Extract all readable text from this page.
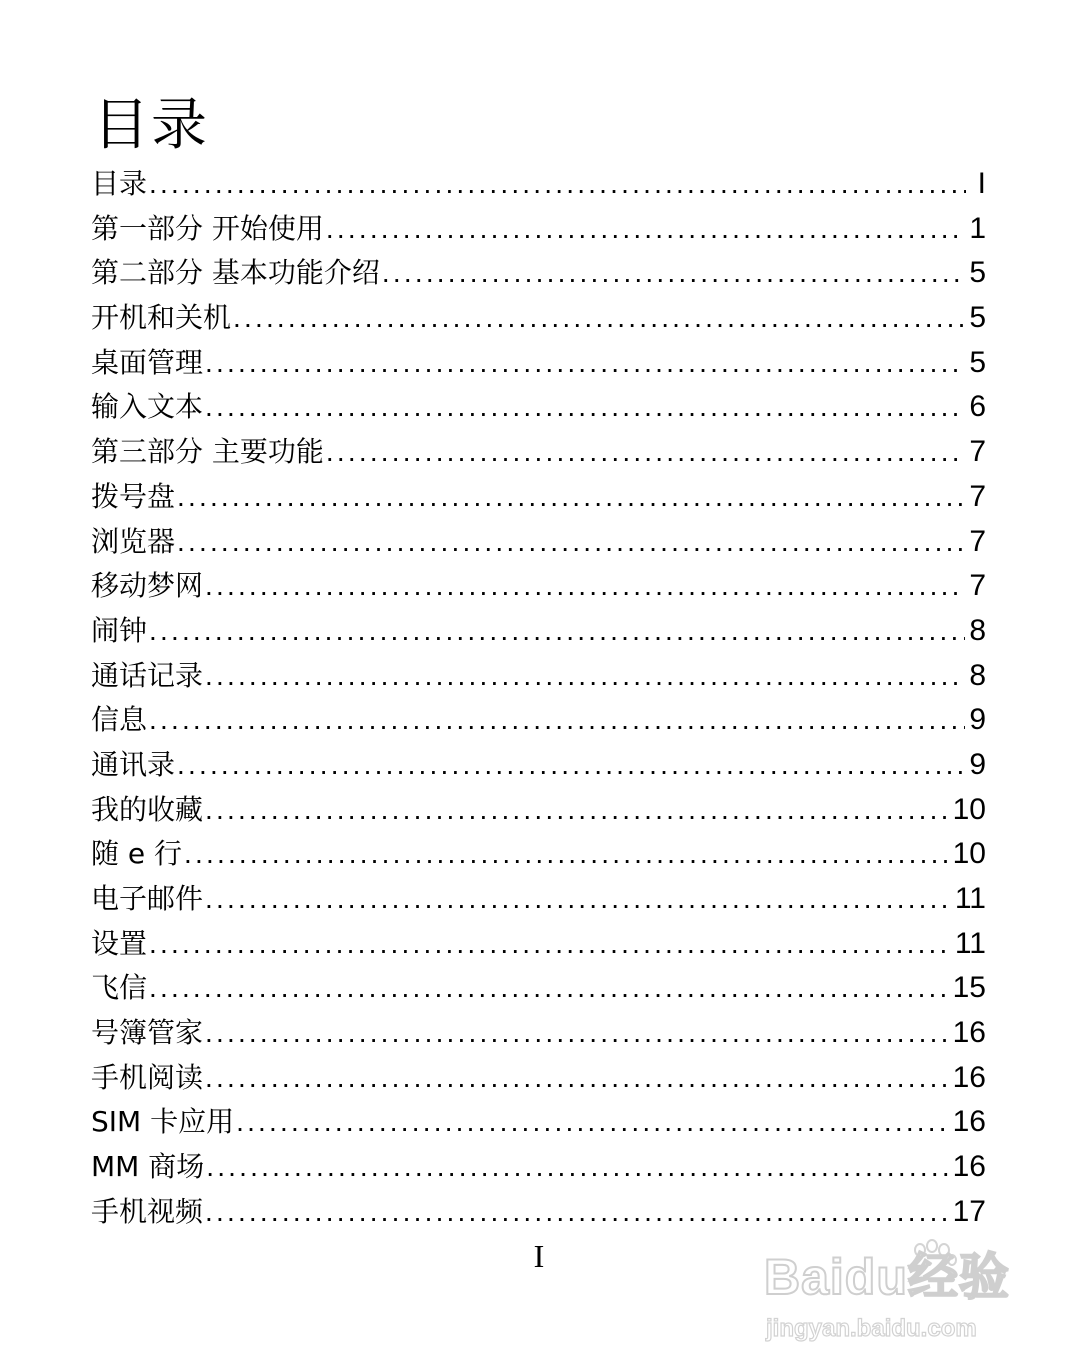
目录
目录 .....	I
第一部分 开始使用 .....	1
第二部分 基本功能介绍 .....	5
开机和关机 .....	5
桌面管理 .....	5
输入文本 .....	6
第三部分 主要功能 .....	7
拨号盘 .....	7
浏览器 .....	7
移动梦网 .....	7
闹钟 .....	8
通话记录 .....	8
信息 .....	9
通讯录 .....	9
我的收藏 .....	10
随 e 行 .....	10
电子邮件 .....	11
设置 .....	11
飞信 .....	15
号簿管家 .....	16
手机阅读 .....	16
SIM 卡应用 .....	16
MM 商场 .....	16
手机视频 .....	17
I	Baidu经验
jingyan.baidu.com
